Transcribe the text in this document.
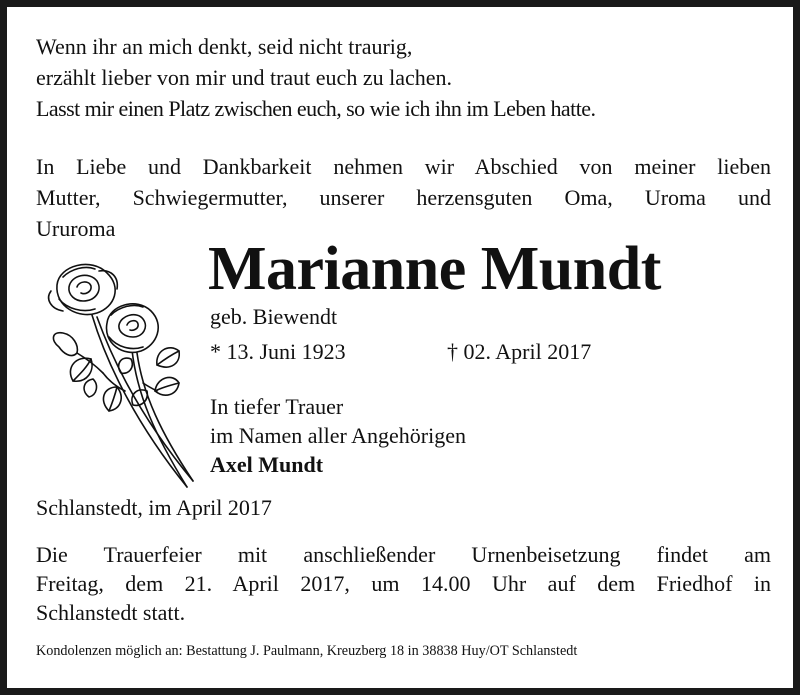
Wenn ihr an mich denkt, seid nicht traurig,
erzählt lieber von mir und traut euch zu lachen.
Lasst mir einen Platz zwischen euch, so wie ich ihn im Leben hatte.
In Liebe und Dankbarkeit nehmen wir Abschied von meiner lieben
Mutter, Schwiegermutter, unserer herzensguten Oma, Uroma und
Ururoma
Marianne Mundt
geb. Biewendt
* 13. Juni 1923	† 02. April 2017
In tiefer Trauer
im Namen aller Angehörigen
Axel Mundt
Schlanstedt, im April 2017
Die Trauerfeier mit anschließender Urnenbeisetzung findet am
Freitag, dem 21. April 2017, um 14.00 Uhr auf dem Friedhof in
Schlanstedt statt.
Kondolenzen möglich an: Bestattung J. Paulmann, Kreuzberg 18 in 38838 Huy/OT Schlanstedt
